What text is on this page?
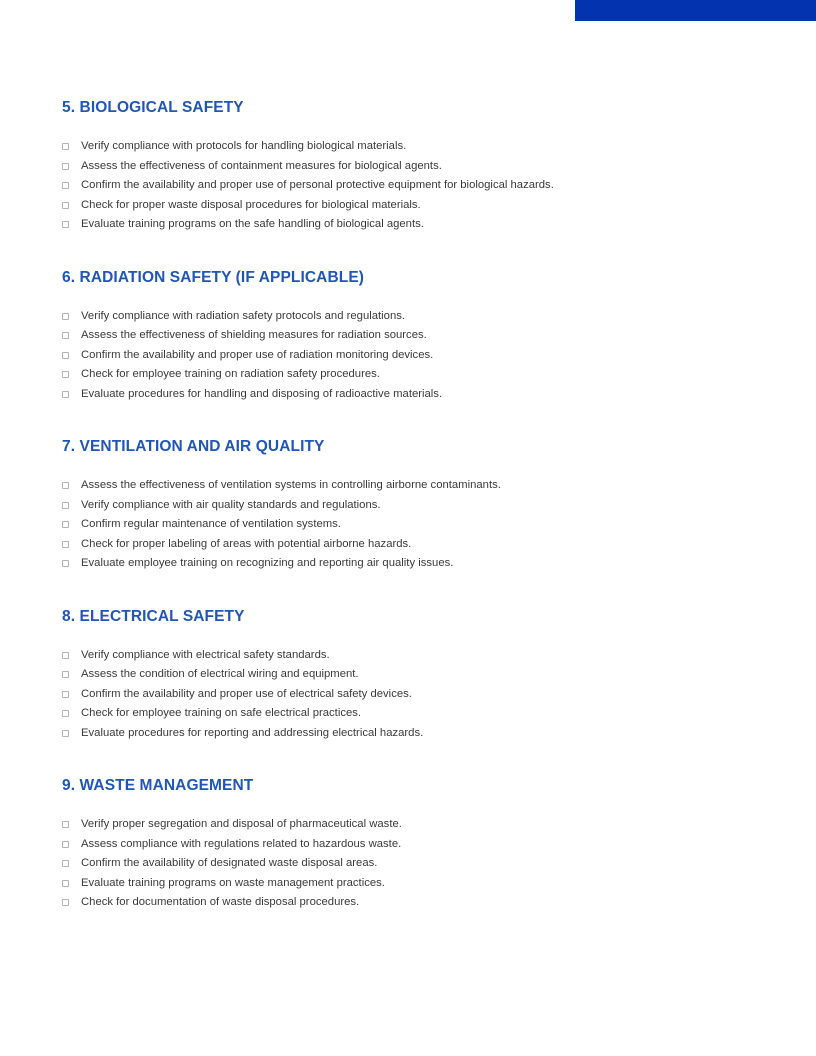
5. BIOLOGICAL SAFETY
Verify compliance with protocols for handling biological materials.
Assess the effectiveness of containment measures for biological agents.
Confirm the availability and proper use of personal protective equipment for biological hazards.
Check for proper waste disposal procedures for biological materials.
Evaluate training programs on the safe handling of biological agents.
6. RADIATION SAFETY (IF APPLICABLE)
Verify compliance with radiation safety protocols and regulations.
Assess the effectiveness of shielding measures for radiation sources.
Confirm the availability and proper use of radiation monitoring devices.
Check for employee training on radiation safety procedures.
Evaluate procedures for handling and disposing of radioactive materials.
7. VENTILATION AND AIR QUALITY
Assess the effectiveness of ventilation systems in controlling airborne contaminants.
Verify compliance with air quality standards and regulations.
Confirm regular maintenance of ventilation systems.
Check for proper labeling of areas with potential airborne hazards.
Evaluate employee training on recognizing and reporting air quality issues.
8. ELECTRICAL SAFETY
Verify compliance with electrical safety standards.
Assess the condition of electrical wiring and equipment.
Confirm the availability and proper use of electrical safety devices.
Check for employee training on safe electrical practices.
Evaluate procedures for reporting and addressing electrical hazards.
9. WASTE MANAGEMENT
Verify proper segregation and disposal of pharmaceutical waste.
Assess compliance with regulations related to hazardous waste.
Confirm the availability of designated waste disposal areas.
Evaluate training programs on waste management practices.
Check for documentation of waste disposal procedures.
